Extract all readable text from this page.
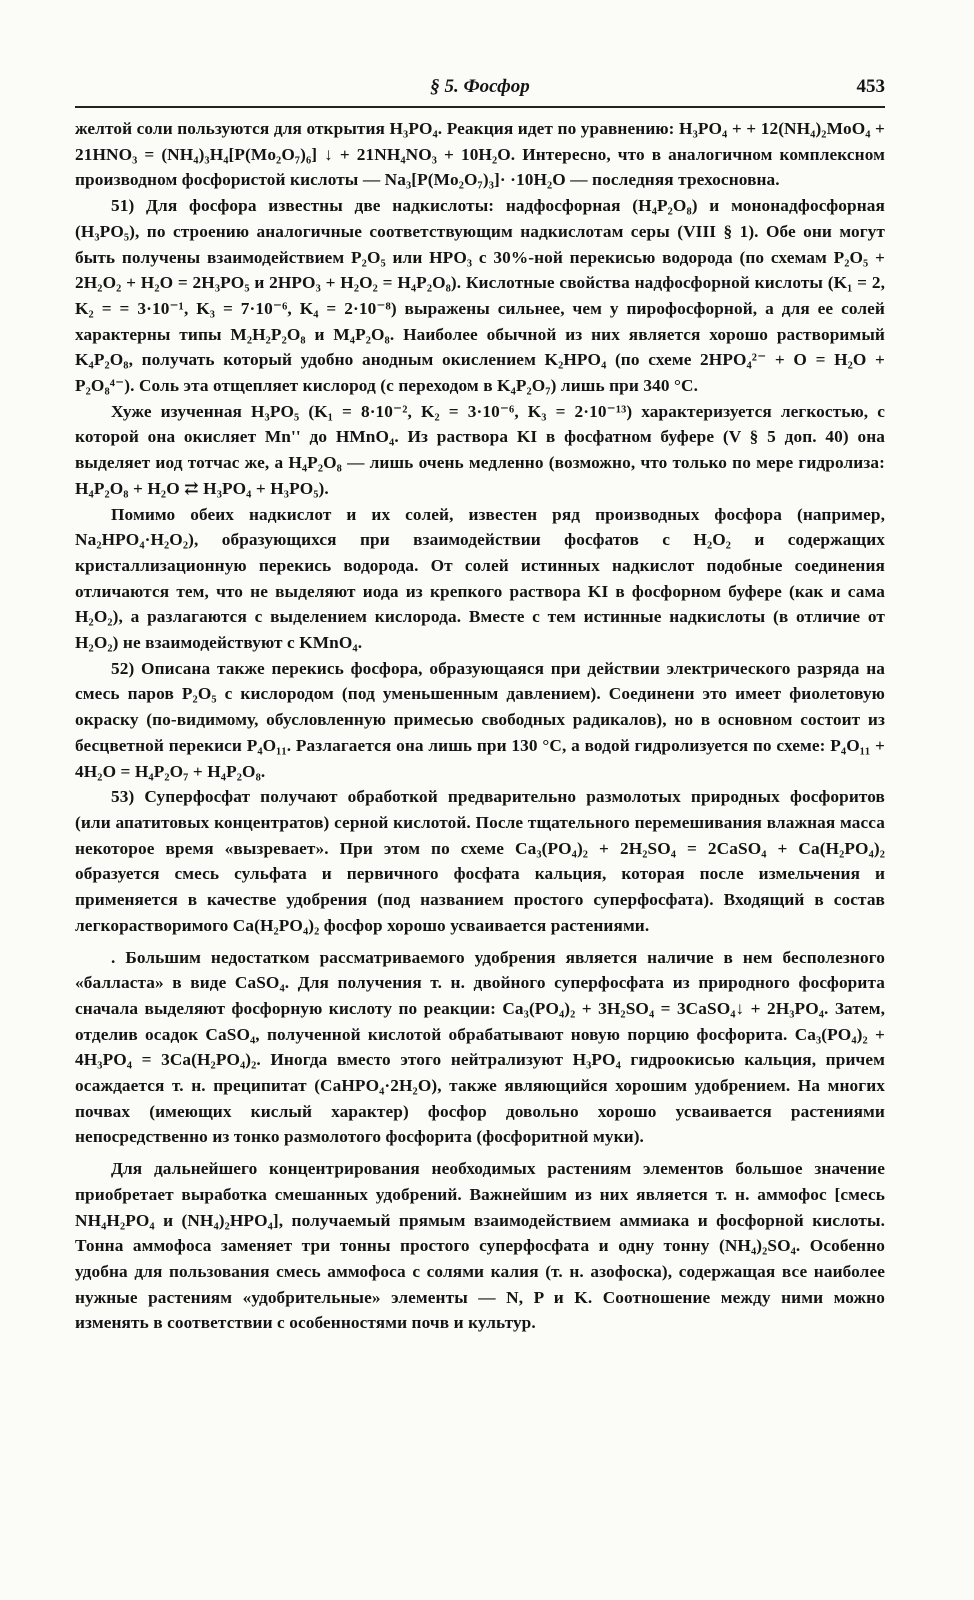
§ 5. Фосфор	453

желтой соли пользуются для открытия H₃PO₄. Реакция идет по уравнению: H₃PO₄ + + 12(NH₄)₂MoO₄ + 21HNO₃ = (NH₄)₃H₄[P(Mo₂O₇)₆] ↓ + 21NH₄NO₃ + 10H₂O. Интересно, что в аналогичном комплексном производном фосфористой кислоты — Na₃[P(Mo₂O₇)₃]· ·10H₂O — последняя трехосновна.

51) Для фосфора известны две надкислоты: надфосфорная (H₄P₂O₈) и мононадфосфорная (H₃PO₅), по строению аналогичные соответствующим надкислотам серы (VIII § 1). Обе они могут быть получены взаимодействием P₂O₅ или HPO₃ с 30%-ной перекисью водорода (по схемам P₂O₅ + 2H₂O₂ + H₂O = 2H₃PO₅ и 2HPO₃ + H₂O₂ = H₄P₂O₈). Кислотные свойства надфосфорной кислоты (K₁ = 2, K₂ = = 3·10⁻¹, K₃ = 7·10⁻⁶, K₄ = 2·10⁻⁸) выражены сильнее, чем у пирофосфорной, а для ее солей характерны типы M₂H₂P₂O₈ и M₄P₂O₈. Наиболее обычной из них является хорошо растворимый K₄P₂O₈, получать который удобно анодным окислением K₂HPO₄ (по схеме 2HPO₄²⁻ + O = H₂O + P₂O₈⁴⁻). Соль эта отщепляет кислород (с переходом в K₄P₂O₇) лишь при 340 °C.

Хуже изученная H₃PO₅ (K₁ = 8·10⁻², K₂ = 3·10⁻⁶, K₃ = 2·10⁻¹³) характеризуется легкостью, с которой она окисляет Mn'' до HMnO₄. Из раствора KI в фосфатном буфере (V § 5 доп. 40) она выделяет иод тотчас же, а H₄P₂O₈ — лишь очень медленно (возможно, что только по мере гидролиза: H₄P₂O₈ + H₂O ⇄ H₃PO₄ + H₃PO₅).

Помимо обеих надкислот и их солей, известен ряд производных фосфора (например, Na₂HPO₄·H₂O₂), образующихся при взаимодействии фосфатов с H₂O₂ и содержащих кристаллизационную перекись водорода. От солей истинных надкислот подобные соединения отличаются тем, что не выделяют иода из крепкого раствора KI в фосфорном буфере (как и сама H₂O₂), а разлагаются с выделением кислорода. Вместе с тем истинные надкислоты (в отличие от H₂O₂) не взаимодействуют с KMnO₄.

52) Описана также перекись фосфора, образующаяся при действии электрического разряда на смесь паров P₂O₅ с кислородом (под уменьшенным давлением). Соединени это имеет фиолетовую окраску (по-видимому, обусловленную примесью свободных радикалов), но в основном состоит из бесцветной перекиси P₄O₁₁. Разлагается она лишь при 130 °C, а водой гидролизуется по схеме: P₄O₁₁ + 4H₂O = H₄P₂O₇ + H₄P₂O₈.

53) Суперфосфат получают обработкой предварительно размолотых природных фосфоритов (или апатитовых концентратов) серной кислотой. После тщательного перемешивания влажная масса некоторое время «вызревает». При этом по схеме Ca₃(PO₄)₂ + 2H₂SO₄ = 2CaSO₄ + Ca(H₂PO₄)₂ образуется смесь сульфата и первичного фосфата кальция, которая после измельчения и применяется в качестве удобрения (под названием простого суперфосфата). Входящий в состав легкорастворимого Ca(H₂PO₄)₂ фосфор хорошо усваивается растениями.

. Большим недостатком рассматриваемого удобрения является наличие в нем бесполезного «балласта» в виде CaSO₄. Для получения т. н. двойного суперфосфата из природного фосфорита сначала выделяют фосфорную кислоту по реакции: Ca₃(PO₄)₂ + 3H₂SO₄ = 3CaSO₄↓ + 2H₃PO₄. Затем, отделив осадок CaSO₄, полученной кислотой обрабатывают новую порцию фосфорита. Ca₃(PO₄)₂ + 4H₃PO₄ = 3Ca(H₂PO₄)₂. Иногда вместо этого нейтрализуют H₃PO₄ гидроокисью кальция, причем осаждается т. н. преципитат (CaHPO₄·2H₂O), также являющийся хорошим удобрением. На многих почвах (имеющих кислый характер) фосфор довольно хорошо усваивается растениями непосредственно из тонко размолотого фосфорита (фосфоритной муки).

Для дальнейшего концентрирования необходимых растениям элементов большое значение приобретает выработка смешанных удобрений. Важнейшим из них является т. н. аммофос [смесь NH₄H₂PO₄ и (NH₄)₂HPO₄], получаемый прямым взаимодействием аммиака и фосфорной кислоты. Тонна аммофоса заменяет три тонны простого суперфосфата и одну тонну (NH₄)₂SO₄. Особенно удобна для пользования смесь аммофоса с солями калия (т. н. азофоска), содержащая все наиболее нужные растениям «удобрительные» элементы — N, P и K. Соотношение между ними можно изменять в соответствии с особенностями почв и культур.
